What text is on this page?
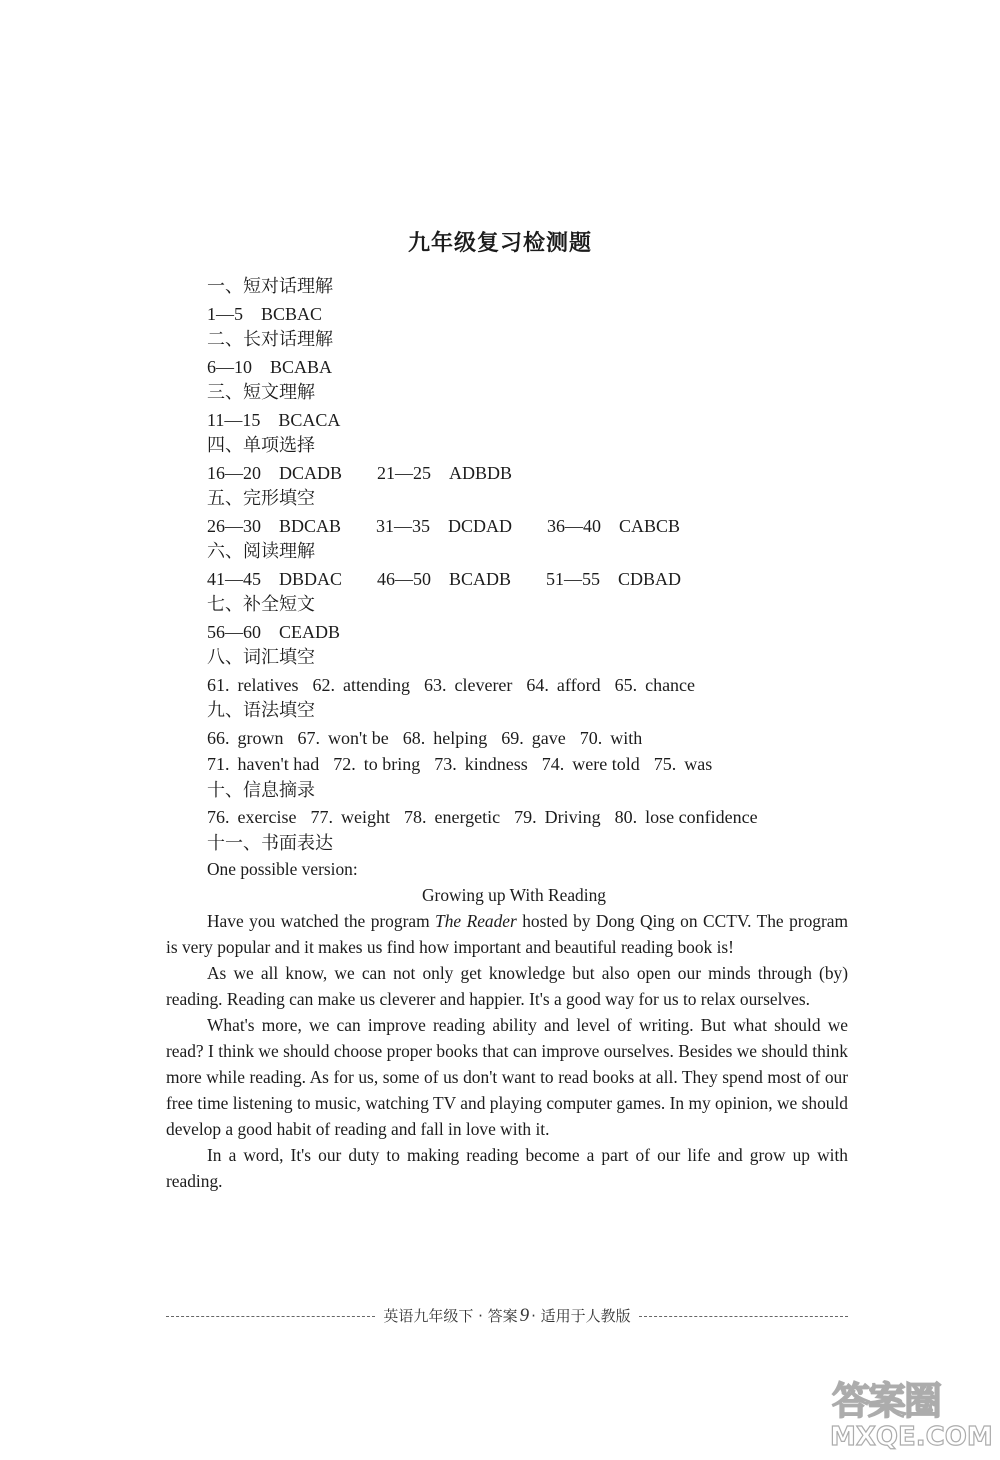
九年级复习检测题
一、短对话理解
1—5 BCBAC
二、长对话理解
6—10 BCABA
三、短文理解
11—15 BCACA
四、单项选择
16—20 DCADB 21—25 ADBDB
五、完形填空
26—30 BDCAB 31—35 DCDAD 36—40 CABCB
六、阅读理解
41—45 DBDAC 46—50 BCADB 51—55 CDBAD
七、补全短文
56—60 CEADB
八、词汇填空
61. relatives 62. attending 63. cleverer 64. afford 65. chance
九、语法填空
66. grown 67. won't be 68. helping 69. gave 70. with
71. haven't had 72. to bring 73. kindness 74. were told 75. was
十、信息摘录
76. exercise 77. weight 78. energetic 79. Driving 80. lose confidence
十一、书面表达
One possible version:
Growing up With Reading

Have you watched the program The Reader hosted by Dong Qing on CCTV. The program is very popular and it makes us find how important and beautiful reading book is!

As we all know, we can not only get knowledge but also open our minds through (by) reading. Reading can make us cleverer and happier. It's a good way for us to relax ourselves.

What's more, we can improve reading ability and level of writing. But what should we read? I think we should choose proper books that can improve ourselves. Besides we should think more while reading. As for us, some of us don't want to read books at all. They spend most of our free time listening to music, watching TV and playing computer games. In my opinion, we should develop a good habit of reading and fall in love with it.

In a word, It's our duty to making reading become a part of our life and grow up with reading.

英语九年级下 · 答案 9 · 适用于人教版
答案圈
MXQE.COM
